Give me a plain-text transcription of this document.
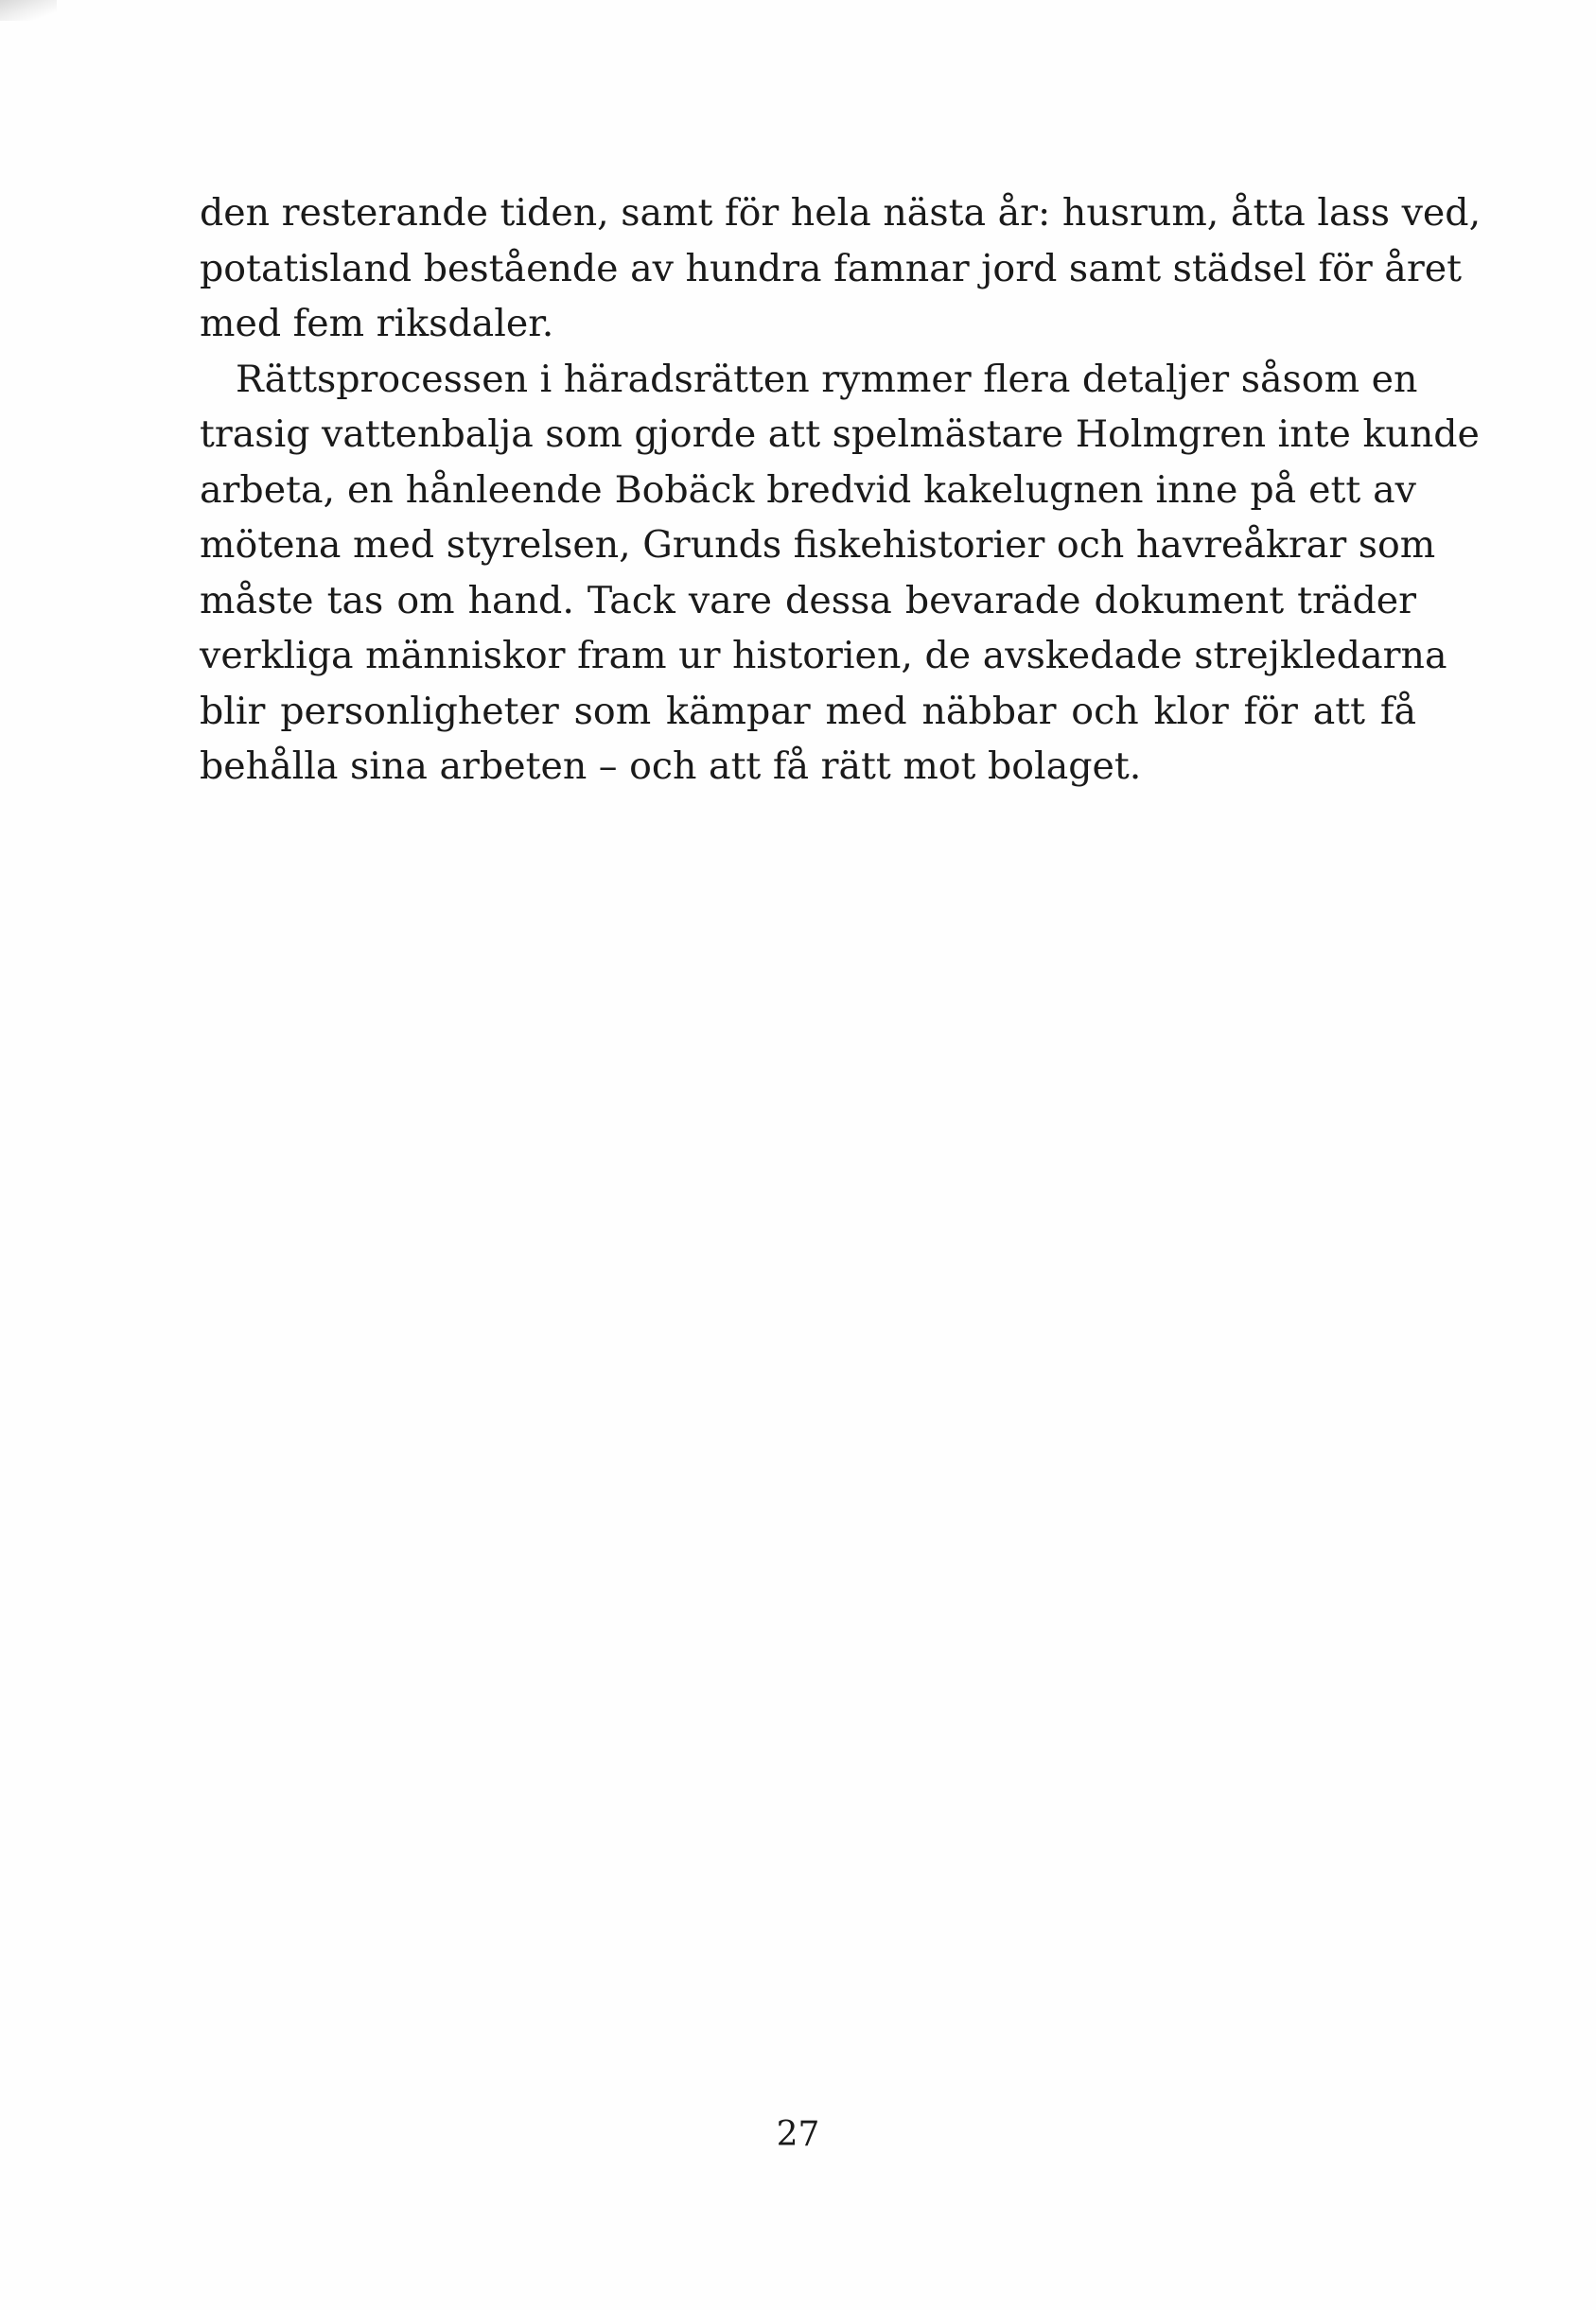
den resterande tiden, samt för hela nästa år: husrum, åtta lass ved,
potatisland bestående av hundra famnar jord samt städsel för året
med fem riksdaler.
Rättsprocessen i häradsrätten rymmer flera detaljer såsom en
trasig vattenbalja som gjorde att spelmästare Holmgren inte kunde
arbeta, en hånleende Bobäck bredvid kakelugnen inne på ett av
mötena med styrelsen, Grunds fiskehistorier och havreåkrar som
måste tas om hand. Tack vare dessa bevarade dokument träder
verkliga människor fram ur historien, de avskedade strejkledarna
blir personligheter som kämpar med näbbar och klor för att få
behålla sina arbeten – och att få rätt mot bolaget.
27
